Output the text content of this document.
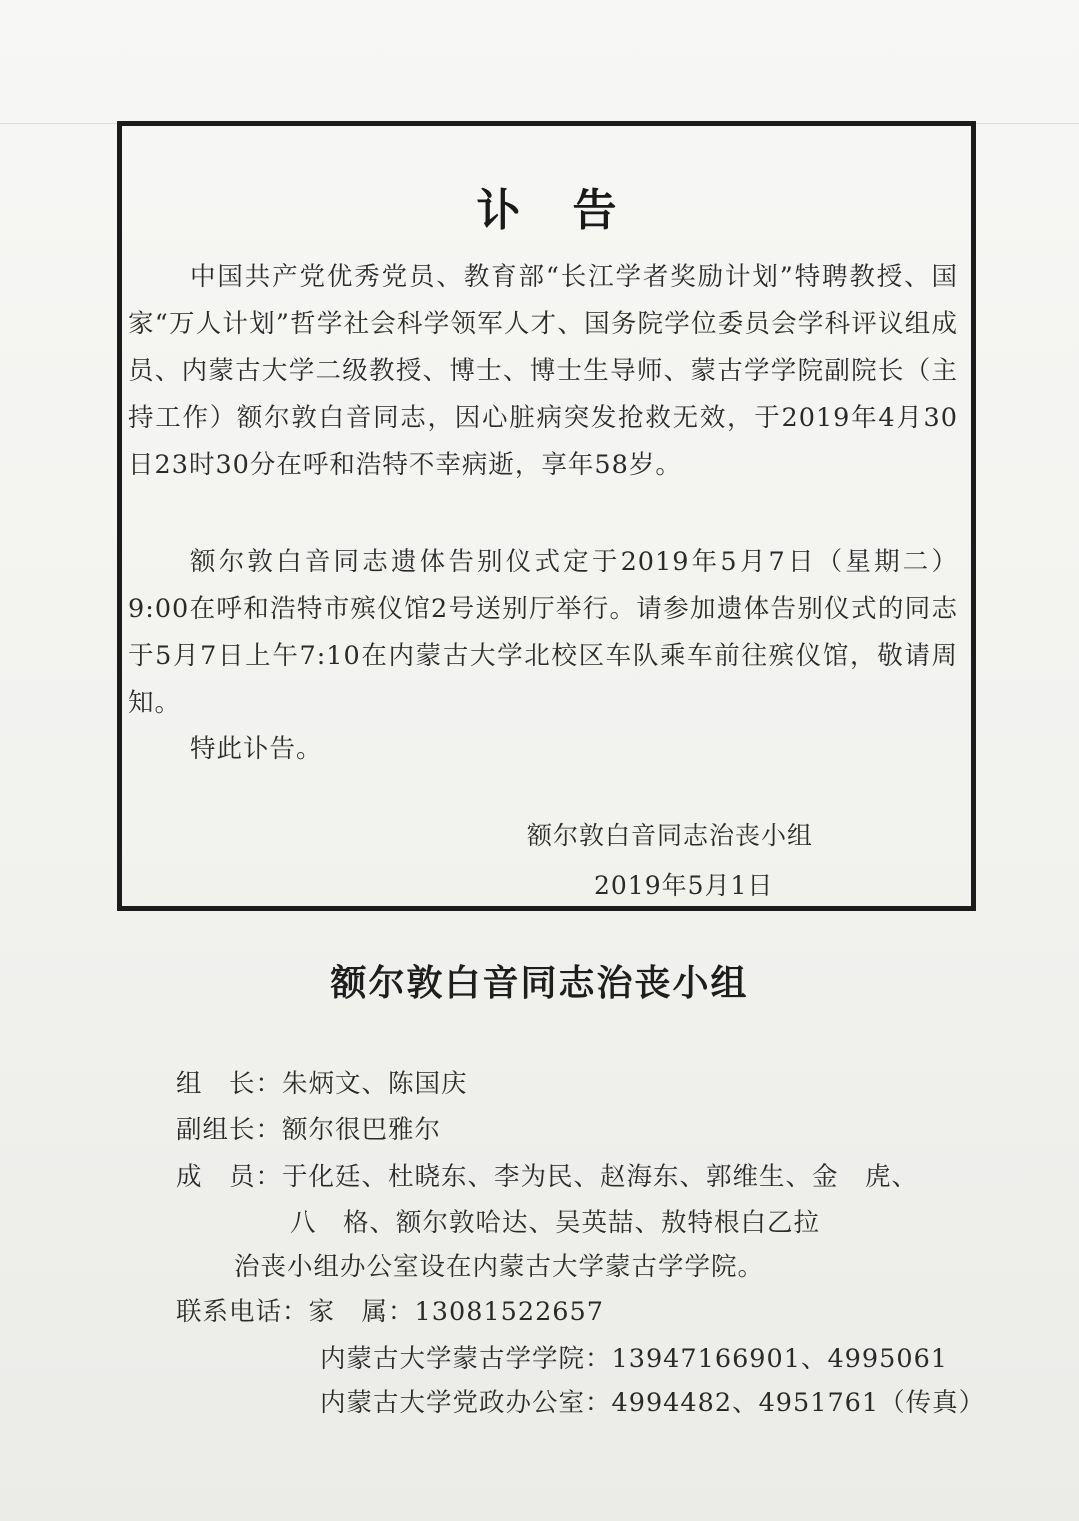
讣告
中国共产党优秀党员、教育部“长江学者奖励计划”特聘教授、国家“万人计划”哲学社会科学领军人才、国务院学位委员会学科评议组成员、内蒙古大学二级教授、博士、博士生导师、蒙古学学院副院长（主持工作）额尔敦白音同志，因心脏病突发抢救无效，于2019年4月30日23时30分在呼和浩特不幸病逝，享年58岁。
额尔敦白音同志遗体告别仪式定于2019年5月7日（星期二）9:00在呼和浩特市殡仪馆2号送别厅举行。请参加遗体告别仪式的同志于5月7日上午7:10在内蒙古大学北校区车队乘车前往殡仪馆，敬请周知。
特此讣告。
额尔敦白音同志治丧小组
2019年5月1日
额尔敦白音同志治丧小组
组　长：朱炳文、陈国庆
副组长：额尔很巴雅尔
成　员：于化廷、杜晓东、李为民、赵海东、郭维生、金　虎、
八　格、额尔敦哈达、吴英喆、敖特根白乙拉
治丧小组办公室设在内蒙古大学蒙古学学院。
联系电话：家　属：13081522657
内蒙古大学蒙古学学院：13947166901、4995061
内蒙古大学党政办公室：4994482、4951761（传真）
